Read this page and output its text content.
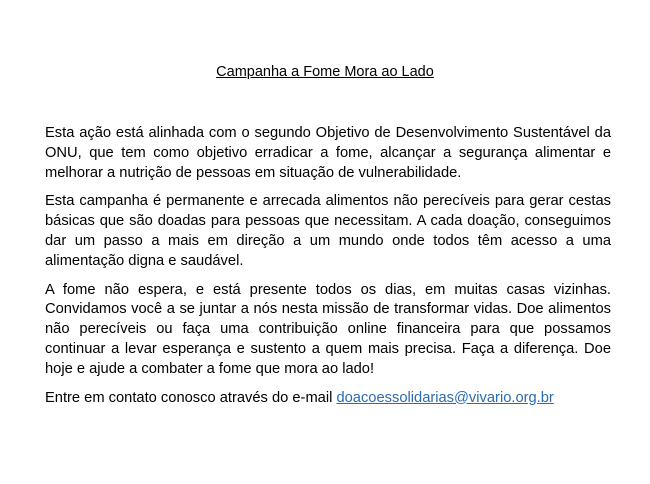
Campanha a Fome Mora ao Lado

Esta ação está alinhada com o segundo Objetivo de Desenvolvimento Sustentável da ONU, que tem como objetivo erradicar a fome, alcançar a segurança alimentar e melhorar a nutrição de pessoas em situação de vulnerabilidade.

Esta campanha é permanente e arrecada alimentos não perecíveis para gerar cestas básicas que são doadas para pessoas que necessitam. A cada doação, conseguimos dar um passo a mais em direção a um mundo onde todos têm acesso a uma alimentação digna e saudável.

A fome não espera, e está presente todos os dias, em muitas casas vizinhas. Convidamos você a se juntar a nós nesta missão de transformar vidas. Doe alimentos não perecíveis ou faça uma contribuição online financeira para que possamos continuar a levar esperança e sustento a quem mais precisa. Faça a diferença. Doe hoje e ajude a combater a fome que mora ao lado!

Entre em contato conosco através do e-mail doacoessolidarias@vivario.org.br
